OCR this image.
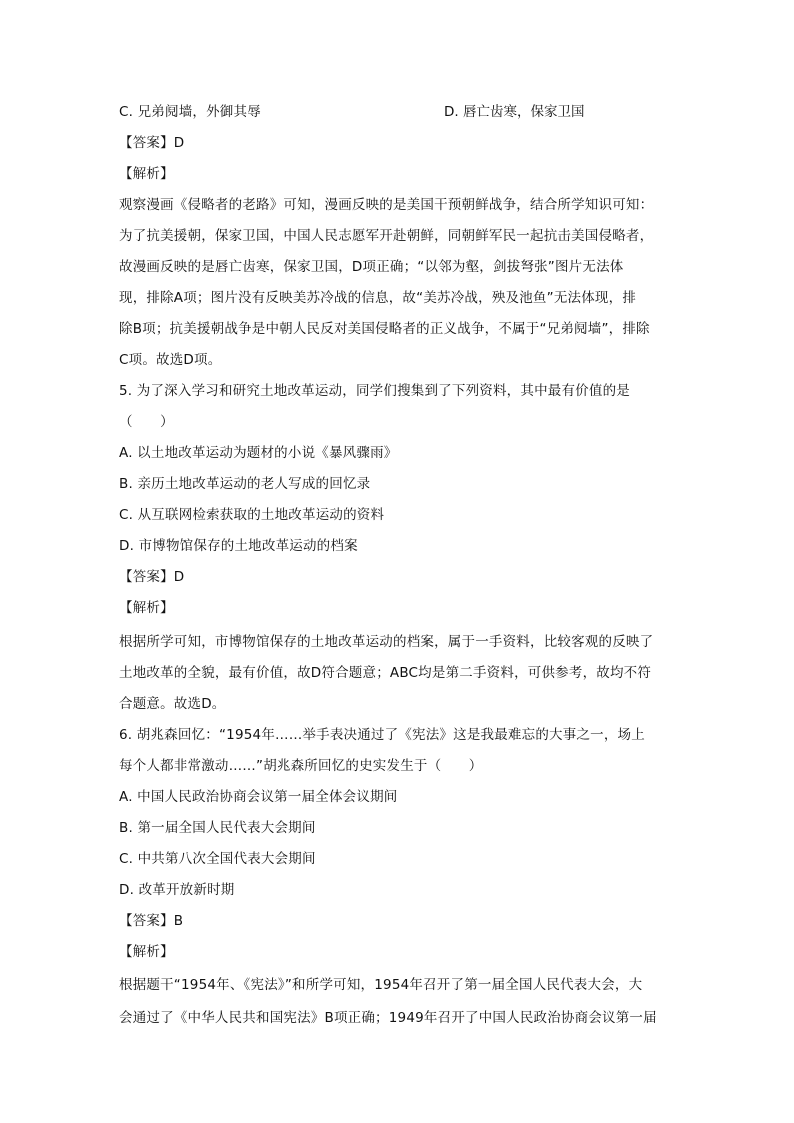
C. 兄弟阋墙，外御其辱	D. 唇亡齿寒，保家卫国
【答案】D
【解析】
观察漫画《侵略者的老路》可知，漫画反映的是美国干预朝鲜战争，结合所学知识可知：
为了抗美援朝，保家卫国，中国人民志愿军开赴朝鲜，同朝鲜军民一起抗击美国侵略者，
故漫画反映的是唇亡齿寒，保家卫国，D项正确；“以邻为壑，剑拔弩张”图片无法体
现，排除A项；图片没有反映美苏冷战的信息，故“美苏冷战，殃及池鱼”无法体现，排
除B项；抗美援朝战争是中朝人民反对美国侵略者的正义战争，不属于“兄弟阋墙”，排除
C项。故选D项。
5. 为了深入学习和研究土地改革运动，同学们搜集到了下列资料，其中最有价值的是
（　　）
A. 以土地改革运动为题材的小说《暴风骤雨》
B. 亲历土地改革运动的老人写成的回忆录
C. 从互联网检索获取的土地改革运动的资料
D. 市博物馆保存的土地改革运动的档案
【答案】D
【解析】
根据所学可知，市博物馆保存的土地改革运动的档案，属于一手资料，比较客观的反映了
土地改革的全貌，最有价值，故D符合题意；ABC均是第二手资料，可供参考，故均不符
合题意。故选D。
6. 胡兆森回忆：“1954年……举手表决通过了《宪法》这是我最难忘的大事之一，场上
每个人都非常激动……”胡兆森所回忆的史实发生于（　　）
A. 中国人民政治协商会议第一届全体会议期间
B. 第一届全国人民代表大会期间
C. 中共第八次全国代表大会期间
D. 改革开放新时期
【答案】B
【解析】
根据题干“1954年、《宪法》”和所学可知，1954年召开了第一届全国人民代表大会，大
会通过了《中华人民共和国宪法》B项正确；1949年召开了中国人民政治协商会议第一届
